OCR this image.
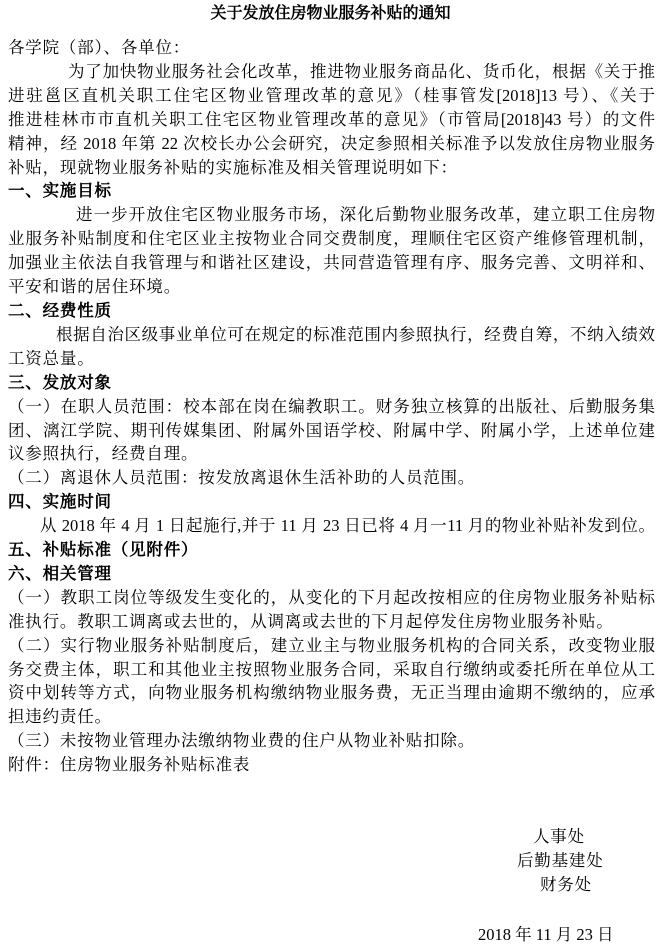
关于发放住房物业服务补贴的通知
各学院（部）、各单位：
为了加快物业服务社会化改革，推进物业服务商品化、货币化，根据《关于推
进驻邕区直机关职工住宅区物业管理改革的意见》（桂事管发[2018]13 号）、《关于
推进桂林市市直机关职工住宅区物业管理改革的意见》（市管局[2018]43 号）的文件
精神，经 2018 年第 22 次校长办公会研究，决定参照相关标准予以发放住房物业服务
补贴，现就物业服务补贴的实施标准及相关管理说明如下：
一、实施目标
进一步开放住宅区物业服务市场，深化后勤物业服务改革，建立职工住房物
业服务补贴制度和住宅区业主按物业合同交费制度，理顺住宅区资产维修管理机制，
加强业主依法自我管理与和谐社区建设，共同营造管理有序、服务完善、文明祥和、
平安和谐的居住环境。
二、经费性质
根据自治区级事业单位可在规定的标准范围内参照执行，经费自筹，不纳入绩效
工资总量。
三、发放对象
（一）在职人员范围：校本部在岗在编教职工。财务独立核算的出版社、后勤服务集
团、漓江学院、期刊传媒集团、附属外国语学校、附属中学、附属小学，上述单位建
议参照执行，经费自理。
（二）离退休人员范围：按发放离退休生活补助的人员范围。
四、实施时间
从 2018 年 4 月 1 日起施行,并于 11 月 23 日已将 4 月一11 月的物业补贴补发到位。
五、补贴标准（见附件）
六、相关管理
（一）教职工岗位等级发生变化的，从变化的下月起改按相应的住房物业服务补贴标
准执行。教职工调离或去世的，从调离或去世的下月起停发住房物业服务补贴。
（二）实行物业服务补贴制度后，建立业主与物业服务机构的合同关系，改变物业服
务交费主体，职工和其他业主按照物业服务合同，采取自行缴纳或委托所在单位从工
资中划转等方式，向物业服务机构缴纳物业服务费，无正当理由逾期不缴纳的，应承
担违约责任。
（三）未按物业管理办法缴纳物业费的住户从物业补贴扣除。
附件：住房物业服务补贴标准表
人事处
后勤基建处
财务处
2018 年 11 月 23 日
